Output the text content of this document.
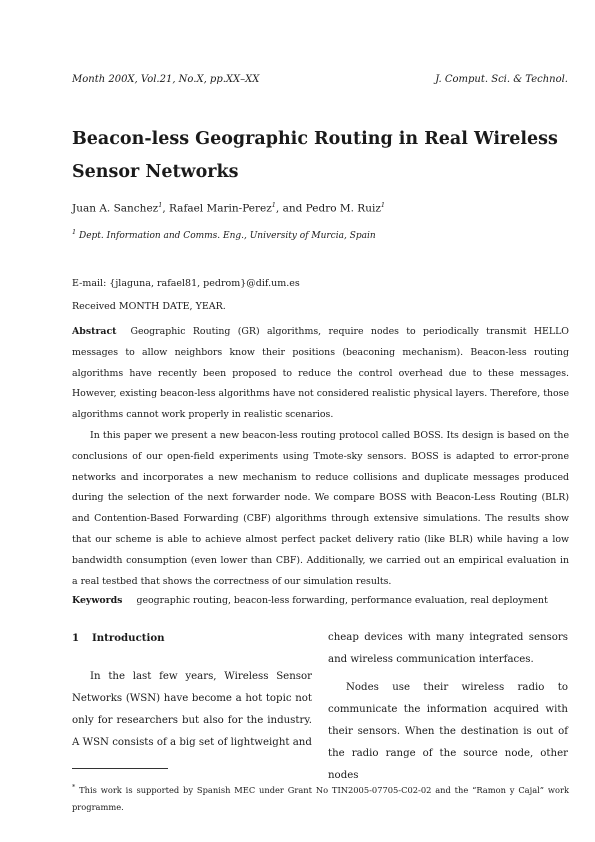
Month 200X, Vol.21, No.X, pp.XX–XX	J. Comput. Sci. & Technol.
Beacon-less Geographic Routing in Real Wireless Sensor Networks
Juan A. Sanchez$^1$, Rafael Marin-Perez$^1$, and Pedro M. Ruiz$^1$
$^1$ Dept. Information and Comms. Eng., University of Murcia, Spain
E-mail: {jlaguna, rafael81, pedrom}@dif.um.es
Received MONTH DATE, YEAR.

Abstract Geographic Routing (GR) algorithms, require nodes to periodically transmit HELLO messages to allow neighbors know their positions (beaconing mechanism). Beacon-less routing algorithms have recently been proposed to reduce the control overhead due to these messages. However, existing beacon-less algorithms have not considered realistic physical layers. Therefore, those algorithms cannot work properly in realistic scenarios.

In this paper we present a new beacon-less routing protocol called BOSS. Its design is based on the conclusions of our open-field experiments using Tmote-sky sensors. BOSS is adapted to error-prone networks and incorporates a new mechanism to reduce collisions and duplicate messages produced during the selection of the next forwarder node. We compare BOSS with Beacon-Less Routing (BLR) and Contention-Based Forwarding (CBF) algorithms through extensive simulations. The results show that our scheme is able to achieve almost perfect packet delivery ratio (like BLR) while having a low bandwidth consumption (even lower than CBF). Additionally, we carried out an empirical evaluation in a real testbed that shows the correctness of our simulation results.

Keywords geographic routing, beacon-less forwarding, performance evaluation, real deployment
1 Introduction

In the last few years, Wireless Sensor Networks (WSN) have become a hot topic not only for researchers but also for the industry. A WSN consists of a big set of lightweight and

cheap devices with many integrated sensors and wireless communication interfaces.

Nodes use their wireless radio to communicate the information acquired with their sensors. When the destination is out of the radio range of the source node, other nodes

* This work is supported by Spanish MEC under Grant No TIN2005-07705-C02-02 and the “Ramon y Cajal” work programme.
